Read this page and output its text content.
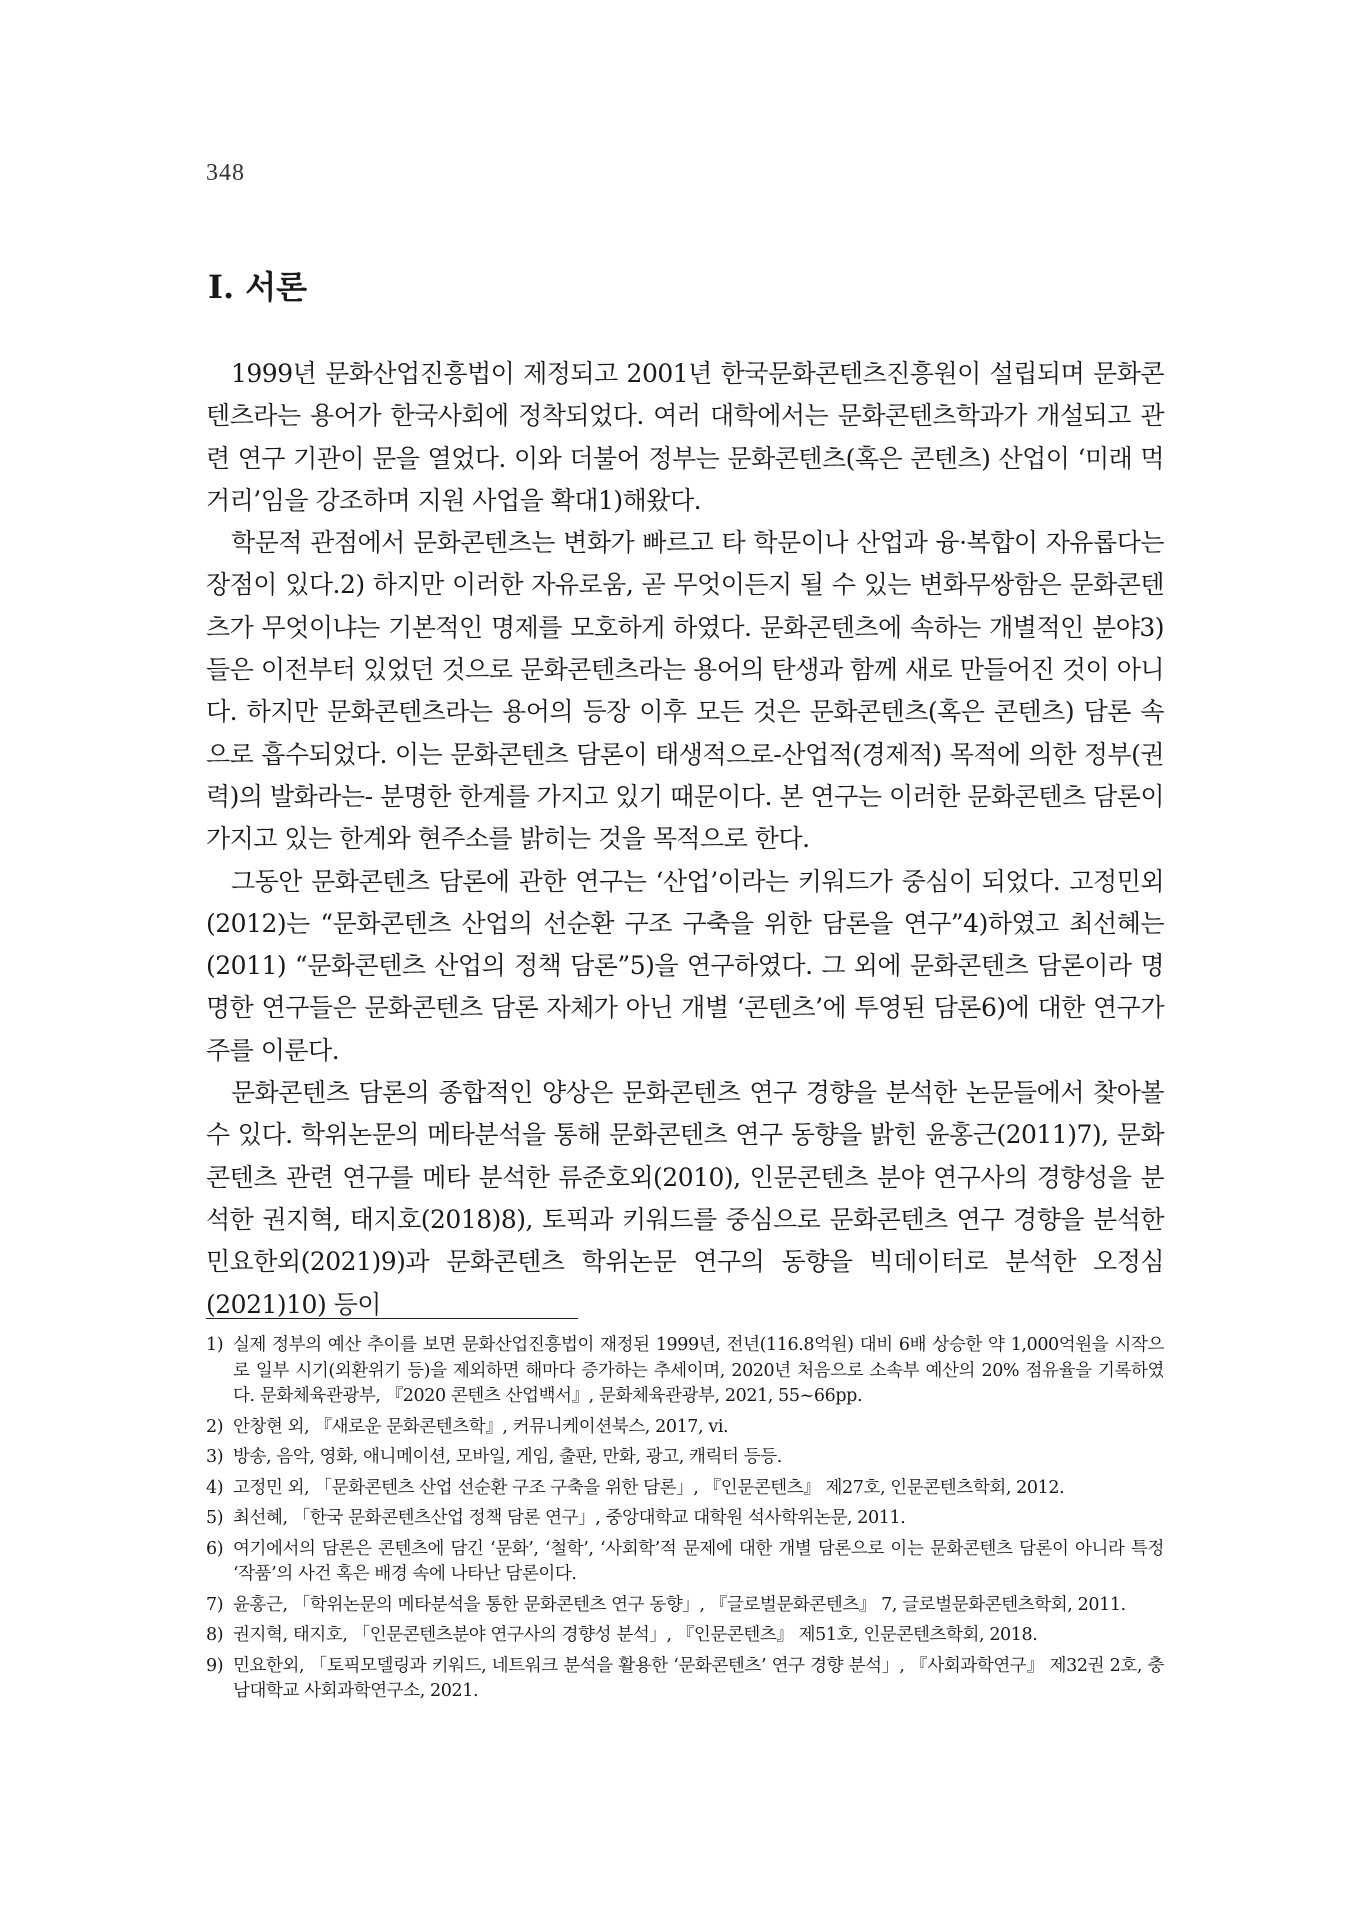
348
Ⅰ. 서론

1999년 문화산업진흥법이 제정되고 2001년 한국문화콘텐츠진흥원이 설립되며 문화콘텐츠라는 용어가 한국사회에 정착되었다. 여러 대학에서는 문화콘텐츠학과가 개설되고 관련 연구 기관이 문을 열었다. 이와 더불어 정부는 문화콘텐츠(혹은 콘텐츠) 산업이 ‘미래 먹거리’임을 강조하며 지원 사업을 확대1)해왔다.

학문적 관점에서 문화콘텐츠는 변화가 빠르고 타 학문이나 산업과 융·복합이 자유롭다는 장점이 있다.2) 하지만 이러한 자유로움, 곧 무엇이든지 될 수 있는 변화무쌍함은 문화콘텐츠가 무엇이냐는 기본적인 명제를 모호하게 하였다. 문화콘텐츠에 속하는 개별적인 분야3)들은 이전부터 있었던 것으로 문화콘텐츠라는 용어의 탄생과 함께 새로 만들어진 것이 아니다. 하지만 문화콘텐츠라는 용어의 등장 이후 모든 것은 문화콘텐츠(혹은 콘텐츠) 담론 속으로 흡수되었다. 이는 문화콘텐츠 담론이 태생적으로-산업적(경제적) 목적에 의한 정부(권력)의 발화라는- 분명한 한계를 가지고 있기 때문이다. 본 연구는 이러한 문화콘텐츠 담론이 가지고 있는 한계와 현주소를 밝히는 것을 목적으로 한다.

그동안 문화콘텐츠 담론에 관한 연구는 ‘산업’이라는 키워드가 중심이 되었다. 고정민외(2012)는 “문화콘텐츠 산업의 선순환 구조 구축을 위한 담론을 연구”4)하였고 최선혜는(2011) “문화콘텐츠 산업의 정책 담론”5)을 연구하였다. 그 외에 문화콘텐츠 담론이라 명명한 연구들은 문화콘텐츠 담론 자체가 아닌 개별 ‘콘텐츠’에 투영된 담론6)에 대한 연구가 주를 이룬다.

문화콘텐츠 담론의 종합적인 양상은 문화콘텐츠 연구 경향을 분석한 논문들에서 찾아볼 수 있다. 학위논문의 메타분석을 통해 문화콘텐츠 연구 동향을 밝힌 윤홍근(2011)7), 문화콘텐츠 관련 연구를 메타 분석한 류준호외(2010), 인문콘텐츠 분야 연구사의 경향성을 분석한 권지혁, 태지호(2018)8), 토픽과 키워드를 중심으로 문화콘텐츠 연구 경향을 분석한 민요한외(2021)9)과 문화콘텐츠 학위논문 연구의 동향을 빅데이터로 분석한 오정심(2021)10) 등이

1) 실제 정부의 예산 추이를 보면 문화산업진흥법이 재정된 1999년, 전년(116.8억원) 대비 6배 상승한 약 1,000억원을 시작으로 일부 시기(외환위기 등)을 제외하면 해마다 증가하는 추세이며, 2020년 처음으로 소속부 예산의 20% 점유율을 기록하였다. 문화체육관광부, 『2020 콘텐츠 산업백서』, 문화체육관광부, 2021, 55~66pp.
2) 안창현 외, 『새로운 문화콘텐츠학』, 커뮤니케이션북스, 2017, vi.
3) 방송, 음악, 영화, 애니메이션, 모바일, 게임, 출판, 만화, 광고, 캐릭터 등등.
4) 고정민 외, 「문화콘텐츠 산업 선순환 구조 구축을 위한 담론」, 『인문콘텐츠』 제27호, 인문콘텐츠학회, 2012.
5) 최선혜, 「한국 문화콘텐츠산업 정책 담론 연구」, 중앙대학교 대학원 석사학위논문, 2011.
6) 여기에서의 담론은 콘텐츠에 담긴 ‘문화’, ‘철학’, ‘사회학’적 문제에 대한 개별 담론으로 이는 문화콘텐츠 담론이 아니라 특정 ‘작품’의 사건 혹은 배경 속에 나타난 담론이다.
7) 윤홍근, 「학위논문의 메타분석을 통한 문화콘텐츠 연구 동향」, 『글로벌문화콘텐츠』 7, 글로벌문화콘텐츠학회, 2011.
8) 권지혁, 태지호, 「인문콘텐츠분야 연구사의 경향성 분석」, 『인문콘텐츠』 제51호, 인문콘텐츠학회, 2018.
9) 민요한외, 「토픽모델링과 키워드, 네트워크 분석을 활용한 ‘문화콘텐츠’ 연구 경향 분석」, 『사회과학연구』 제32권 2호, 충남대학교 사회과학연구소, 2021.
